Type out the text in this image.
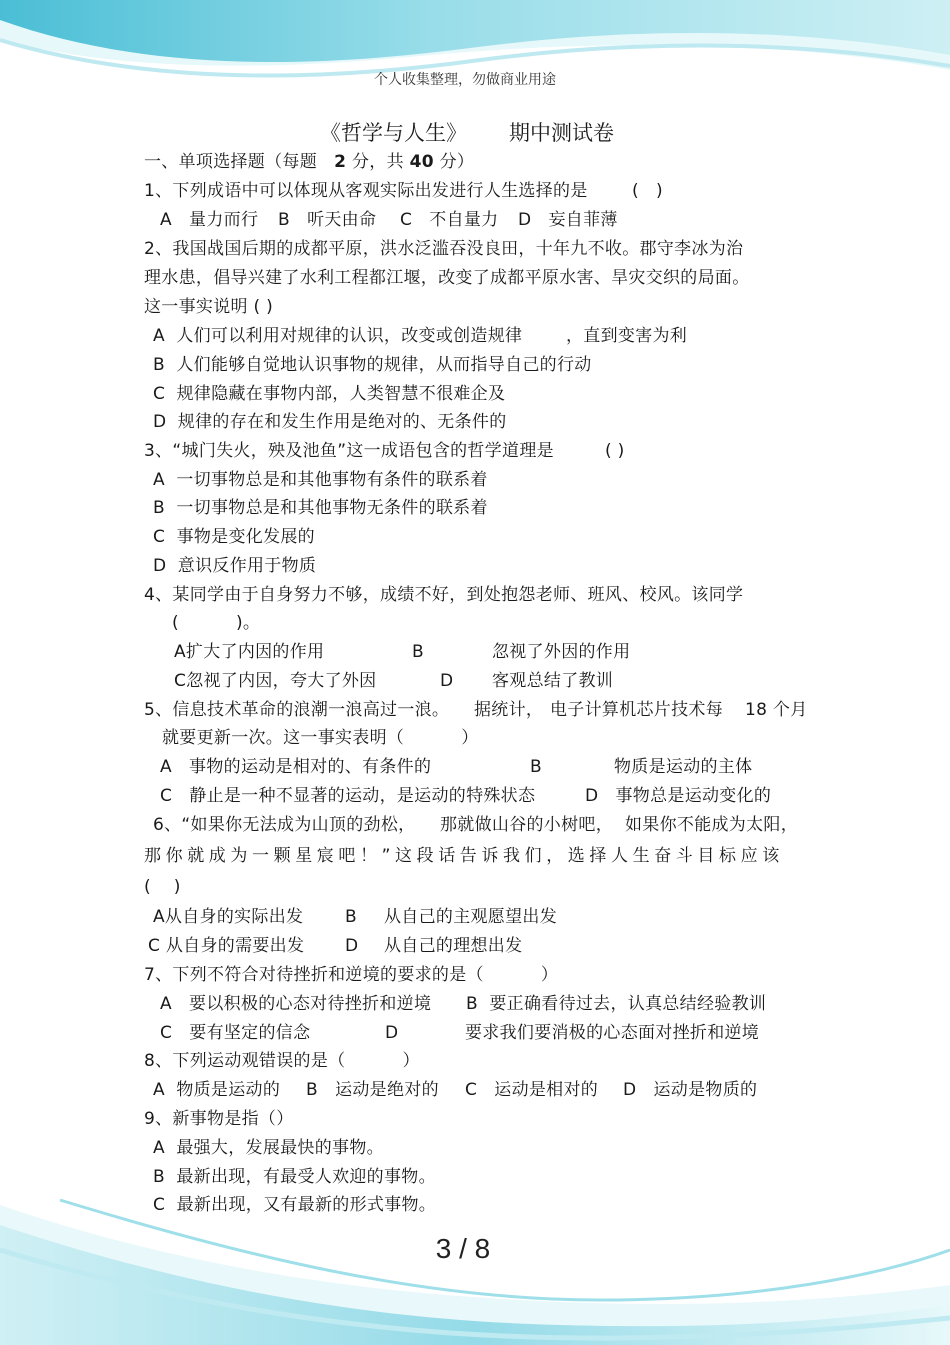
个人收集整理，勿做商业用途
《哲学与人生》 期中测试卷
一、单项选择题（每题 2 分，共 40 分）
1、下列成语中可以体现从客观实际出发进行人生选择的是	(   )
A   量力而行 B   听天由命 C   不自量力 D   妄自菲薄
2、我国战国后期的成都平原，洪水泛滥吞没良田，十年九不收。郡守李冰为治
理水患，倡导兴建了水利工程都江堰，改变了成都平原水害、旱灾交织的局面。
这一事实说明 ( )
A  人们可以利用对规律的认识，改变或创造规律	，直到变害为利
B  人们能够自觉地认识事物的规律，从而指导自己的行动
C  规律隐藏在事物内部，人类智慧不很难企及
D  规律的存在和发生作用是绝对的、无条件的
3、“城门失火，殃及池鱼”这一成语包含的哲学道理是	( )
A  一切事物总是和其他事物有条件的联系着
B  一切事物总是和其他事物无条件的联系着
C  事物是变化发展的
D  意识反作用于物质
4、某同学由于自身努力不够，成绩不好，到处抱怨老师、班风、校风。该同学
(          )。
A扩大了内因的作用	B	忽视了外因的作用
C忽视了内因，夸大了外因	D 客观总结了教训
5、信息技术革命的浪潮一浪高过一浪。 据统计， 电子计算机芯片技术每 18 个月
就要更新一次。这一事实表明（          ）
A   事物的运动是相对的、有条件的	B	物质是运动的主体
C   静止是一种不显著的运动，是运动的特殊状态	D   事物总是运动变化的
6、“如果你无法成为山顶的劲松， 那就做山谷的小树吧， 如果你不能成为太阳，
那你就成为一颗星宸吧！”这段话告诉我们，选择人生奋斗目标应该
(    )
A从自身的实际出发 B 从自己的主观愿望出发
C 从自身的需要出发 D 从自己的理想出发
7、下列不符合对待挫折和逆境的要求的是（          ）
A   要以积极的心态对待挫折和逆境 B  要正确看待过去，认真总结经验教训
C   要有坚定的信念	D	要求我们要消极的心态面对挫折和逆境
8、下列运动观错误的是（          ）
A  物质是运动的 B   运动是绝对的 C   运动是相对的 D   运动是物质的
9、新事物是指（）
A  最强大，发展最快的事物。
B  最新出现，有最受人欢迎的事物。
C  最新出现，又有最新的形式事物。
3 / 8
